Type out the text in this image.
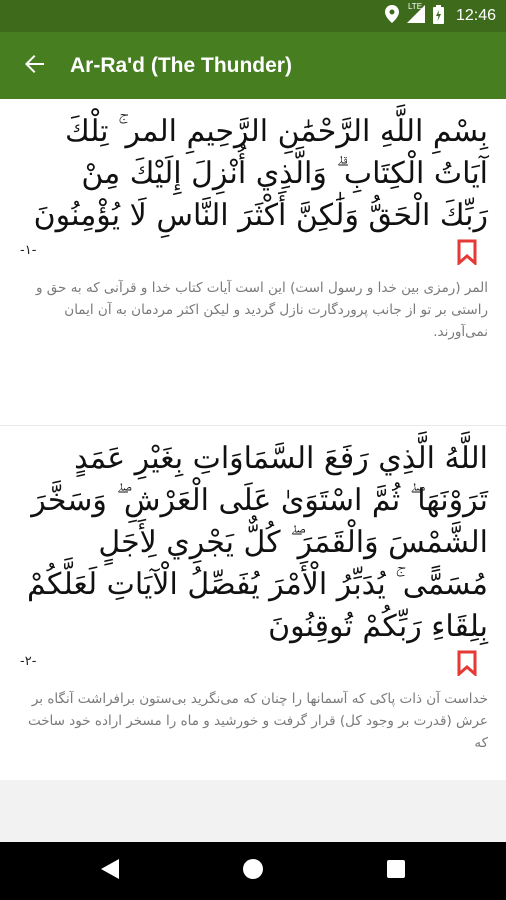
LTE
12:46
Ar-Ra'd (The Thunder)
بِسْمِ اللَّهِ الرَّحْمَٰنِ الرَّحِيمِ المر ۚ تِلْكَ آيَاتُ الْكِتَابِ ۗ وَالَّذِي أُنْزِلَ إِلَيْكَ مِنْ رَبِّكَ الْحَقُّ وَلَٰكِنَّ أَكْثَرَ النَّاسِ لَا يُؤْمِنُونَ
-١-
المر (رمزی بین خدا و رسول است) این است آیات کتاب خدا و قرآنی که به حق و راستی بر تو از جانب پروردگارت نازل گردید و لیکن اکثر مردمان به آن ایمان نمی‌آورند.
اللَّهُ الَّذِي رَفَعَ السَّمَاوَاتِ بِغَيْرِ عَمَدٍ تَرَوْنَهَا ۖ ثُمَّ اسْتَوَىٰ عَلَى الْعَرْشِ ۖ وَسَخَّرَ الشَّمْسَ وَالْقَمَرَ ۖ كُلٌّ يَجْرِي لِأَجَلٍ مُسَمًّى ۚ يُدَبِّرُ الْأَمْرَ يُفَصِّلُ الْآيَاتِ لَعَلَّكُمْ بِلِقَاءِ رَبِّكُمْ تُوقِنُونَ
-٢-
خداست آن ذات پاکی که آسمانها را چنان که می‌نگرید بی‌ستون برافراشت آنگاه بر عرش (قدرت بر وجود کل) قرار گرفت و خورشید و ماه را مسخر اراده خود ساخت که
